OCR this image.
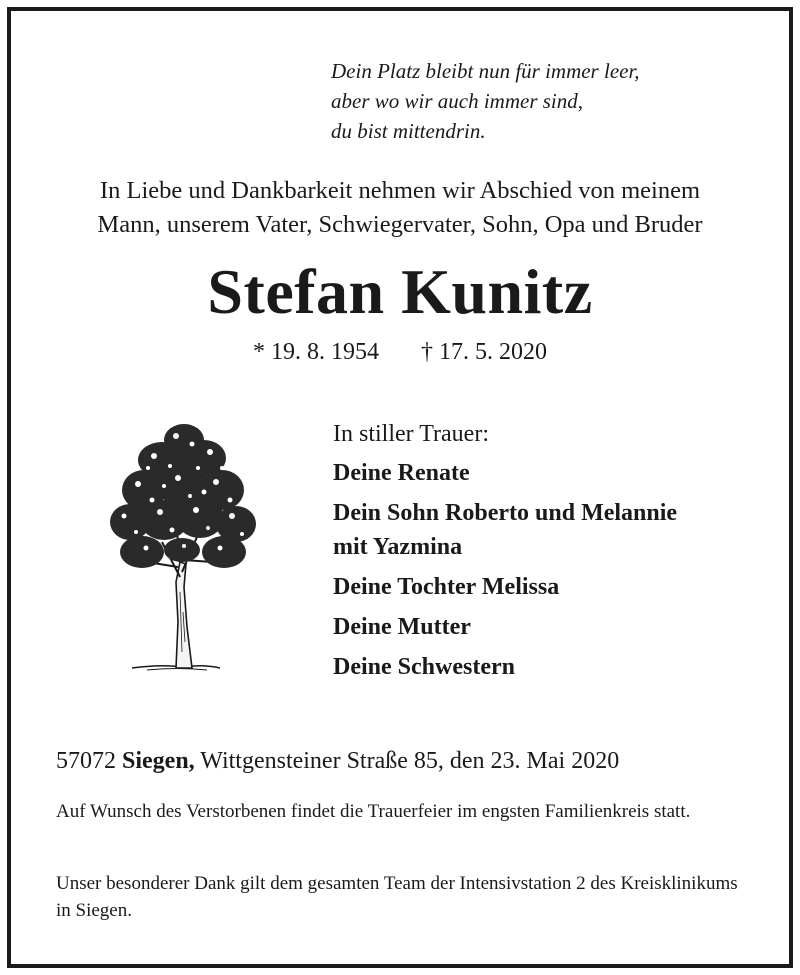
Dein Platz bleibt nun für immer leer,
aber wo wir auch immer sind,
du bist mittendrin.
In Liebe und Dankbarkeit nehmen wir Abschied von meinem
Mann, unserem Vater, Schwiegervater, Sohn, Opa und Bruder
Stefan Kunitz
* 19. 8. 1954 † 17. 5. 2020
In stiller Trauer:
Deine Renate
Dein Sohn Roberto und Melannie
mit Yazmina
Deine Tochter Melissa
Deine Mutter
Deine Schwestern
57072 Siegen, Wittgensteiner Straße 85, den 23. Mai 2020
Auf Wunsch des Verstorbenen findet die Trauerfeier im engsten Familienkreis statt.
Unser besonderer Dank gilt dem gesamten Team der Intensivstation 2 des Kreisklinikums in Siegen.
